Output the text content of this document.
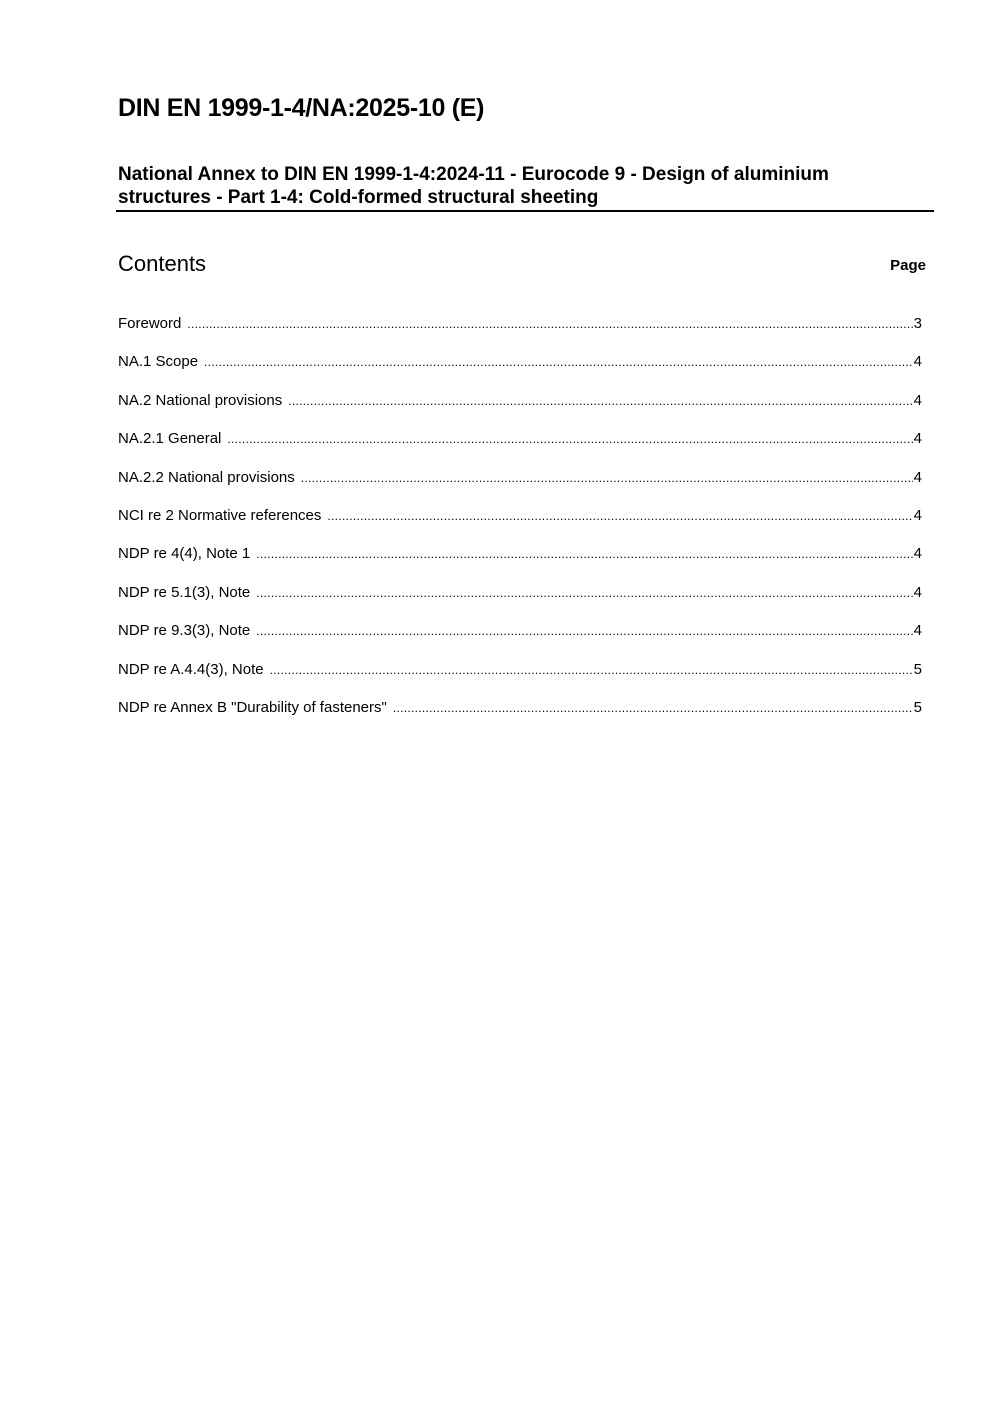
DIN EN 1999-1-4/NA:2025-10 (E)
National Annex to DIN EN 1999-1-4:2024-11 - Eurocode 9 - Design of aluminium
structures - Part 1-4: Cold-formed structural sheeting
Contents	Page
Foreword .....	3
NA.1 Scope .....	4
NA.2 National provisions .....	4
NA.2.1 General .....	4
NA.2.2 National provisions .....	4
NCI re 2 Normative references .....	4
NDP re 4(4), Note 1 .....	4
NDP re 5.1(3), Note .....	4
NDP re 9.3(3), Note .....	4
NDP re A.4.4(3), Note .....	5
NDP re Annex B "Durability of fasteners" .....	5
